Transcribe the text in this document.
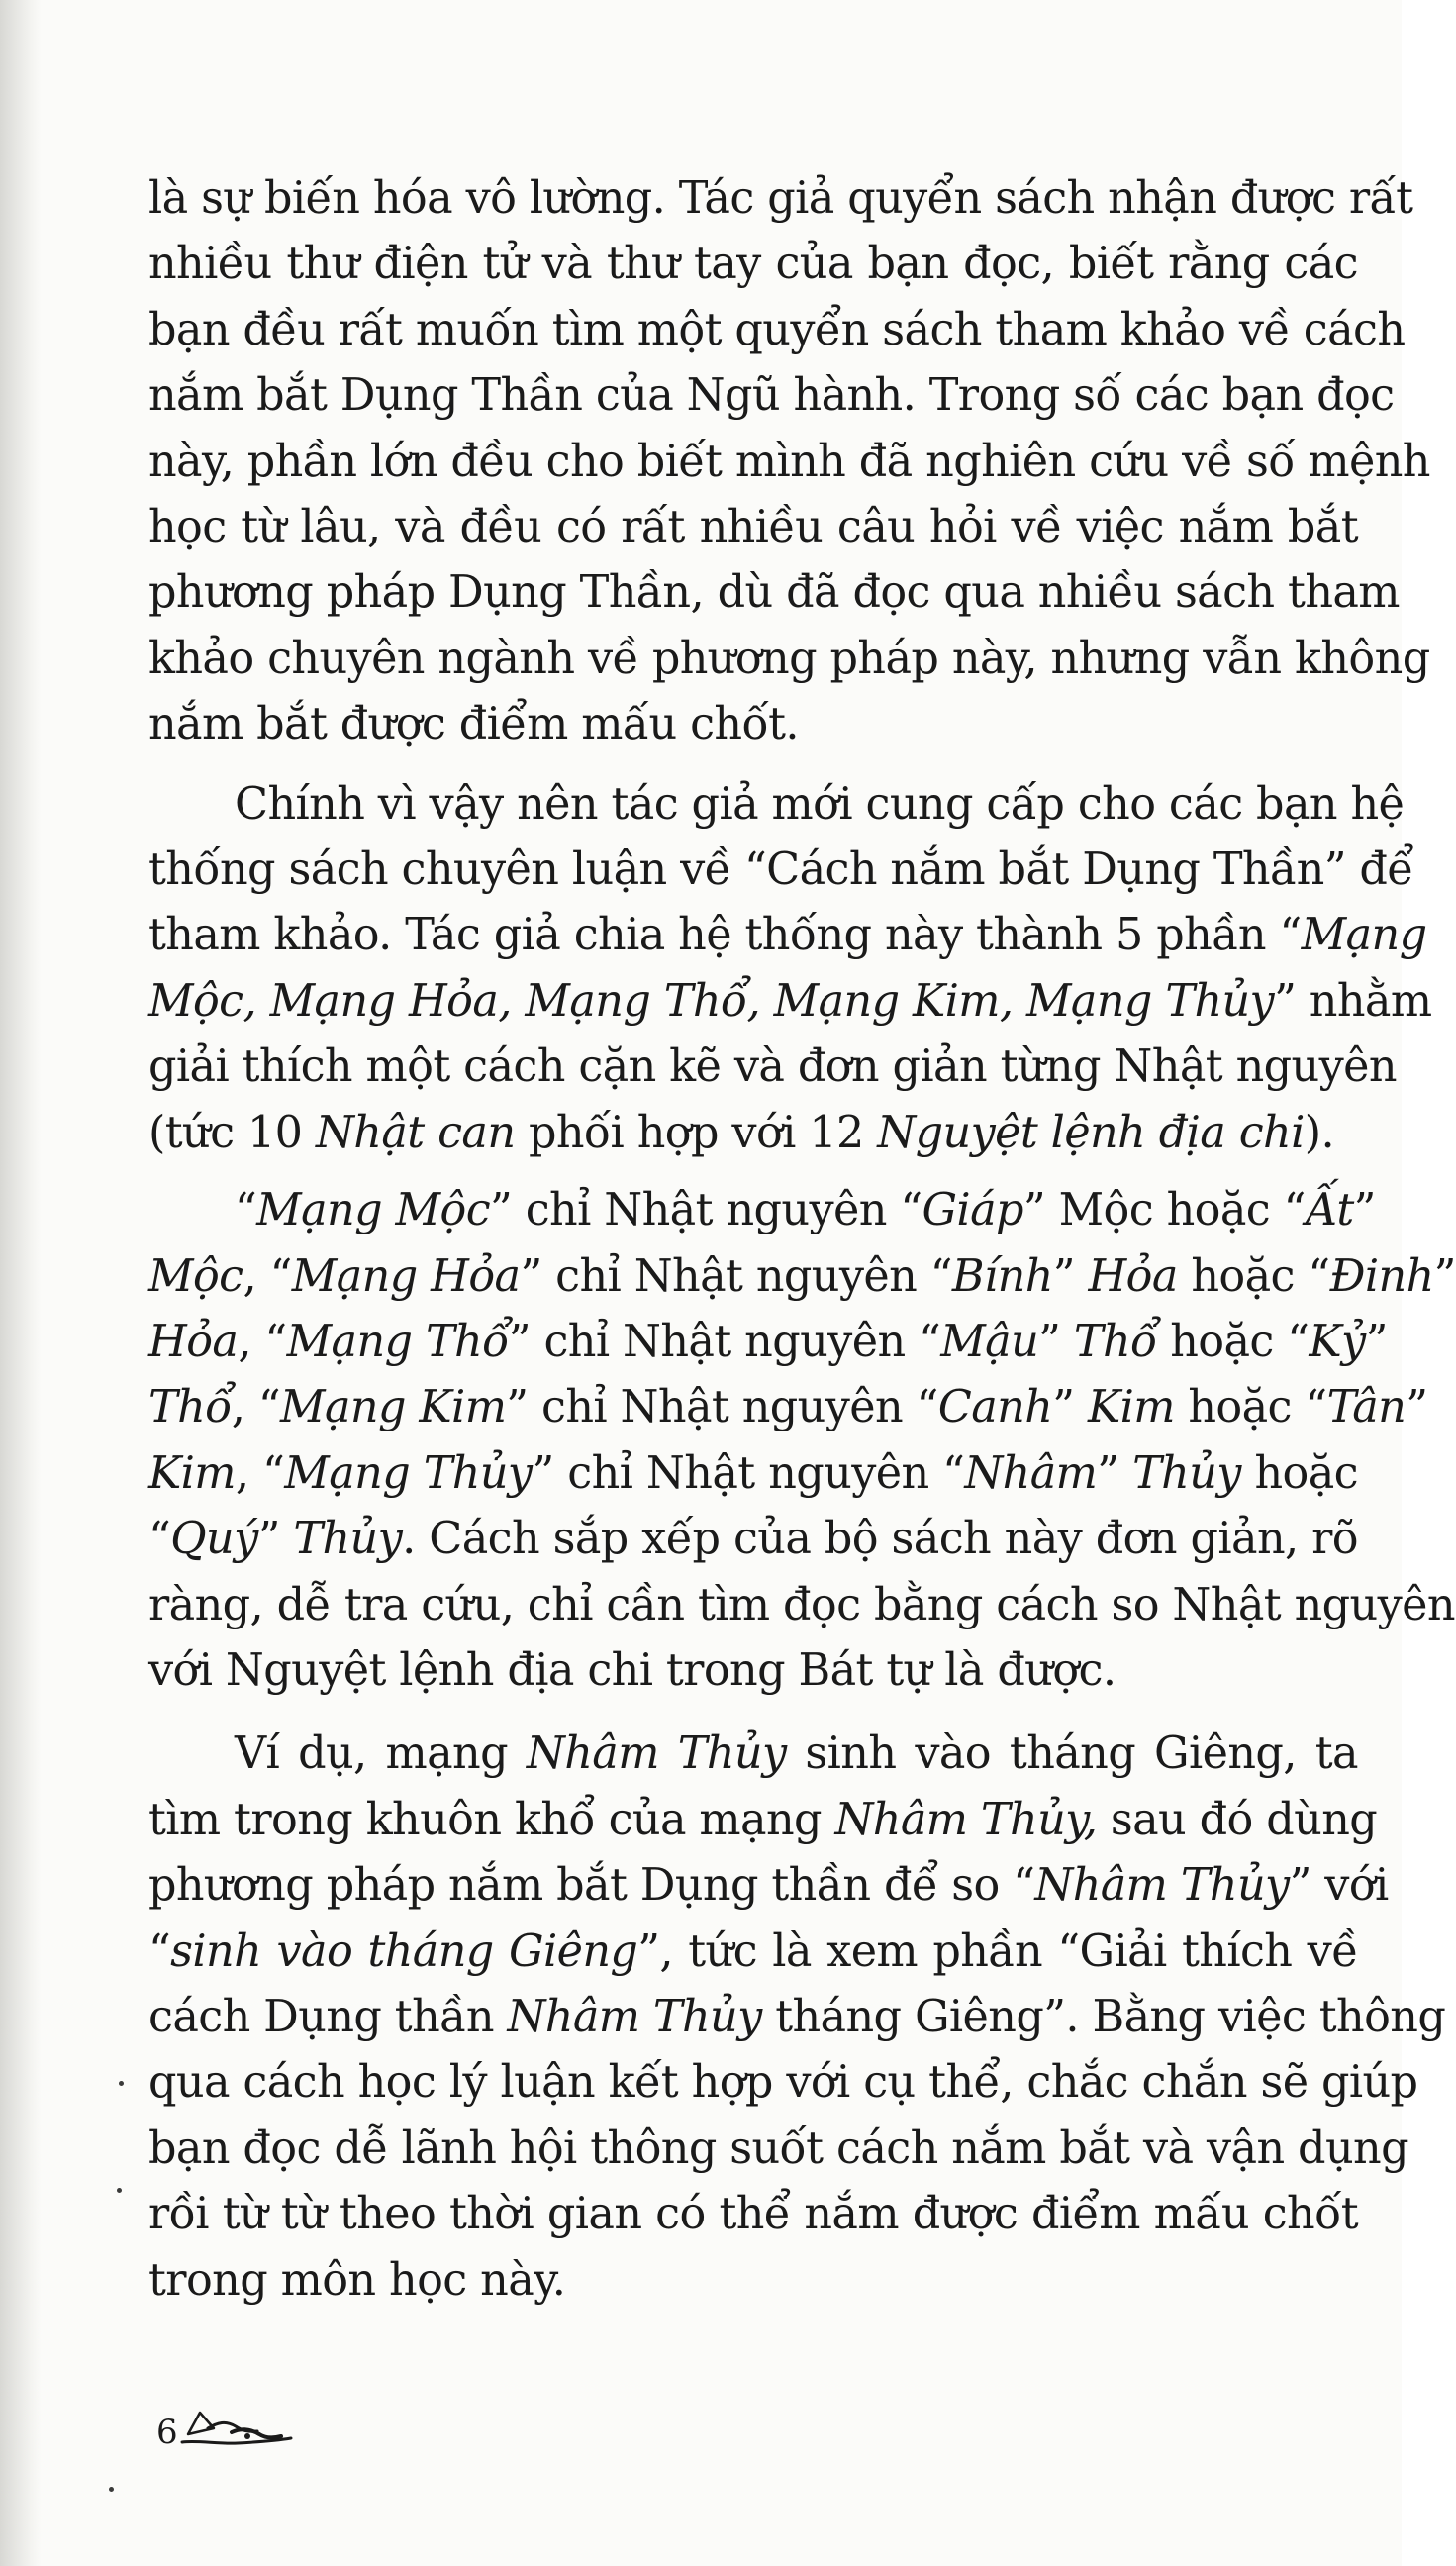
là sự biến hóa vô lường. Tác giả quyển sách nhận được rất
nhiều thư điện tử và thư tay của bạn đọc, biết rằng các
bạn đều rất muốn tìm một quyển sách tham khảo về cách
nắm bắt Dụng Thần của Ngũ hành. Trong số các bạn đọc
này, phần lớn đều cho biết mình đã nghiên cứu về số mệnh
học từ lâu, và đều có rất nhiều câu hỏi về việc nắm bắt
phương pháp Dụng Thần, dù đã đọc qua nhiều sách tham
khảo chuyên ngành về phương pháp này, nhưng vẫn không
nắm bắt được điểm mấu chốt.
Chính vì vậy nên tác giả mới cung cấp cho các bạn hệ
thống sách chuyên luận về “Cách nắm bắt Dụng Thần” để
tham khảo. Tác giả chia hệ thống này thành 5 phần “Mạng
Mộc, Mạng Hỏa, Mạng Thổ, Mạng Kim, Mạng Thủy” nhằm
giải thích một cách cặn kẽ và đơn giản từng Nhật nguyên
(tức 10 Nhật can phối hợp với 12 Nguyệt lệnh địa chi).
“Mạng Mộc” chỉ Nhật nguyên “Giáp” Mộc hoặc “Ất”
Mộc, “Mạng Hỏa” chỉ Nhật nguyên “Bính” Hỏa hoặc “Đinh”
Hỏa, “Mạng Thổ” chỉ Nhật nguyên “Mậu” Thổ hoặc “Kỷ”
Thổ, “Mạng Kim” chỉ Nhật nguyên “Canh” Kim hoặc “Tân”
Kim, “Mạng Thủy” chỉ Nhật nguyên “Nhâm” Thủy hoặc
“Quý” Thủy. Cách sắp xếp của bộ sách này đơn giản, rõ
ràng, dễ tra cứu, chỉ cần tìm đọc bằng cách so Nhật nguyên
với Nguyệt lệnh địa chi trong Bát tự là được.
Ví dụ, mạng Nhâm Thủy sinh vào tháng Giêng, ta
tìm trong khuôn khổ của mạng Nhâm Thủy, sau đó dùng
phương pháp nắm bắt Dụng thần để so “Nhâm Thủy” với
“sinh vào tháng Giêng”, tức là xem phần “Giải thích về
cách Dụng thần Nhâm Thủy tháng Giêng”. Bằng việc thông
qua cách học lý luận kết hợp với cụ thể, chắc chắn sẽ giúp
bạn đọc dễ lãnh hội thông suốt cách nắm bắt và vận dụng
rồi từ từ theo thời gian có thể nắm được điểm mấu chốt
trong môn học này.
6
